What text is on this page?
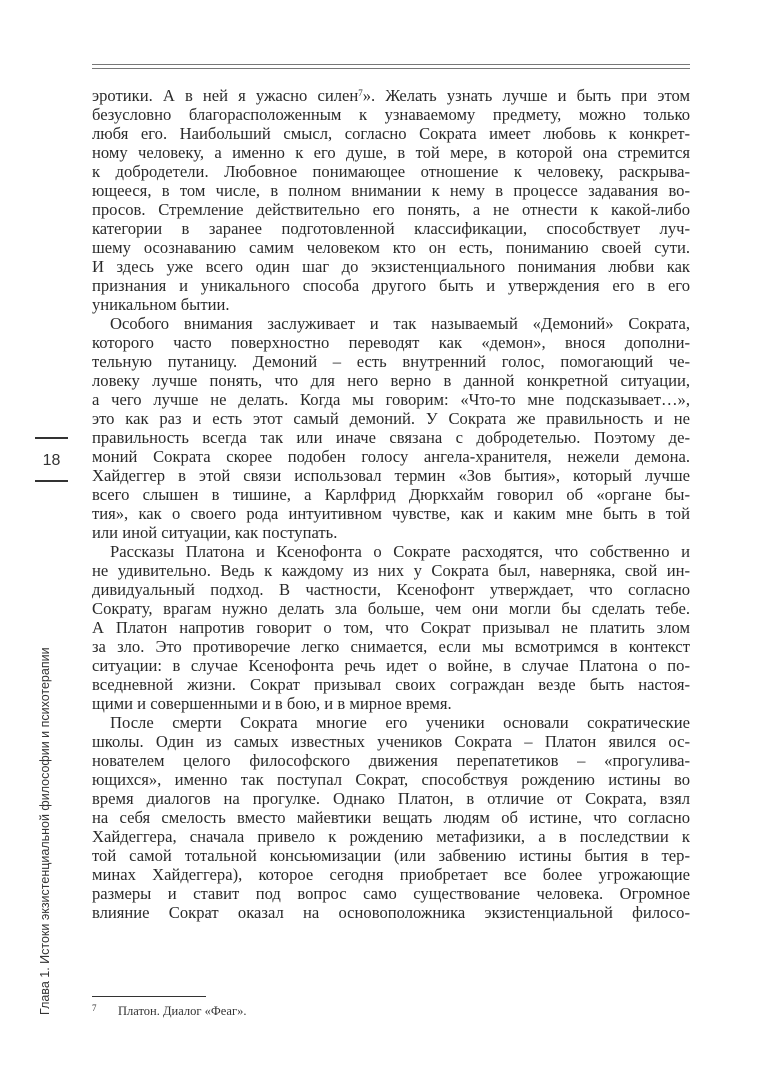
18
Глава 1. Истоки экзистенциальной философии и психотерапии
эротики. А в ней я ужасно силен$^7$». Желать узнать лучше и быть при этом
безусловно благорасположенным к узнаваемому предмету, можно только
любя его. Наибольший смысл, согласно Сократа имеет любовь к конкрет-
ному человеку, а именно к его душе, в той мере, в которой она стремится
к добродетели. Любовное понимающее отношение к человеку, раскрыва-
ющееся, в том числе, в полном внимании к нему в процессе задавания во-
просов. Стремление действительно его понять, а не отнести к какой-либо
категории в заранее подготовленной классификации, способствует луч-
шему осознаванию самим человеком кто он есть, пониманию своей сути.
И здесь уже всего один шаг до экзистенциального понимания любви как
признания и уникального способа другого быть и утверждения его в его
уникальном бытии.
Особого внимания заслуживает и так называемый «Демоний» Сократа,
которого часто поверхностно переводят как «демон», внося дополни-
тельную путаницу. Демоний – есть внутренний голос, помогающий че-
ловеку лучше понять, что для него верно в данной конкретной ситуации,
а чего лучше не делать. Когда мы говорим: «Что-то мне подсказывает…»,
это как раз и есть этот самый демоний. У Сократа же правильность и не
правильность всегда так или иначе связана с добродетелью. Поэтому де-
моний Сократа скорее подобен голосу ангела-хранителя, нежели демона.
Хайдеггер в этой связи использовал термин «Зов бытия», который лучше
всего слышен в тишине, а Карлфрид Дюркхайм говорил об «органе бы-
тия», как о своего рода интуитивном чувстве, как и каким мне быть в той
или иной ситуации, как поступать.
Рассказы Платона и Ксенофонта о Сократе расходятся, что собственно и
не удивительно. Ведь к каждому из них у Сократа был, наверняка, свой ин-
дивидуальный подход. В частности, Ксенофонт утверждает, что согласно
Сократу, врагам нужно делать зла больше, чем они могли бы сделать тебе.
А Платон напротив говорит о том, что Сократ призывал не платить злом
за зло. Это противоречие легко снимается, если мы всмотримся в контекст
ситуации: в случае Ксенофонта речь идет о войне, в случае Платона о по-
вседневной жизни. Сократ призывал своих сограждан везде быть настоя-
щими и совершенными и в бою, и в мирное время.
После смерти Сократа многие его ученики основали сократические
школы. Один из самых известных учеников Сократа – Платон явился ос-
нователем целого философского движения перепатетиков – «прогулива-
ющихся», именно так поступал Сократ, способствуя рождению истины во
время диалогов на прогулке. Однако Платон, в отличие от Сократа, взял
на себя смелость вместо майевтики вещать людям об истине, что согласно
Хайдеггера, сначала привело к рождению метафизики, а в последствии к
той самой тотальной консьюмизации (или забвению истины бытия в тер-
минах Хайдеггера), которое сегодня приобретает все более угрожающие
размеры и ставит под вопрос само существование человека. Огромное
влияние Сократ оказал на основоположника экзистенциальной филосо-
7 Платон. Диалог «Феаг».
